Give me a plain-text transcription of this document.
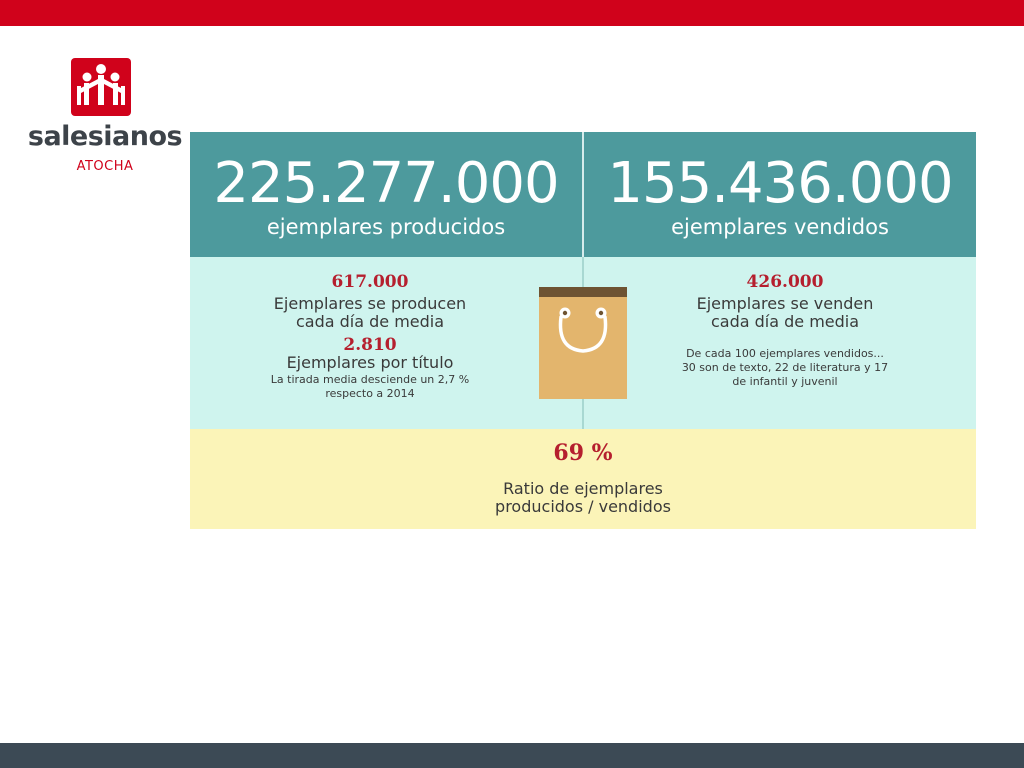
salesianos
ATOCHA	225.277.000
ejemplares producidos
155.436.000
ejemplares vendidos
617.000
Ejemplares se producen
cada día de media
2.810
Ejemplares por título
La tirada media desciende un 2,7 %
respecto a 2014
426.000
Ejemplares se venden
cada día de media
De cada 100 ejemplares vendidos...
30 son de texto, 22 de literatura y 17
de infantil y juvenil
69 %
Ratio de ejemplares
producidos / vendidos
